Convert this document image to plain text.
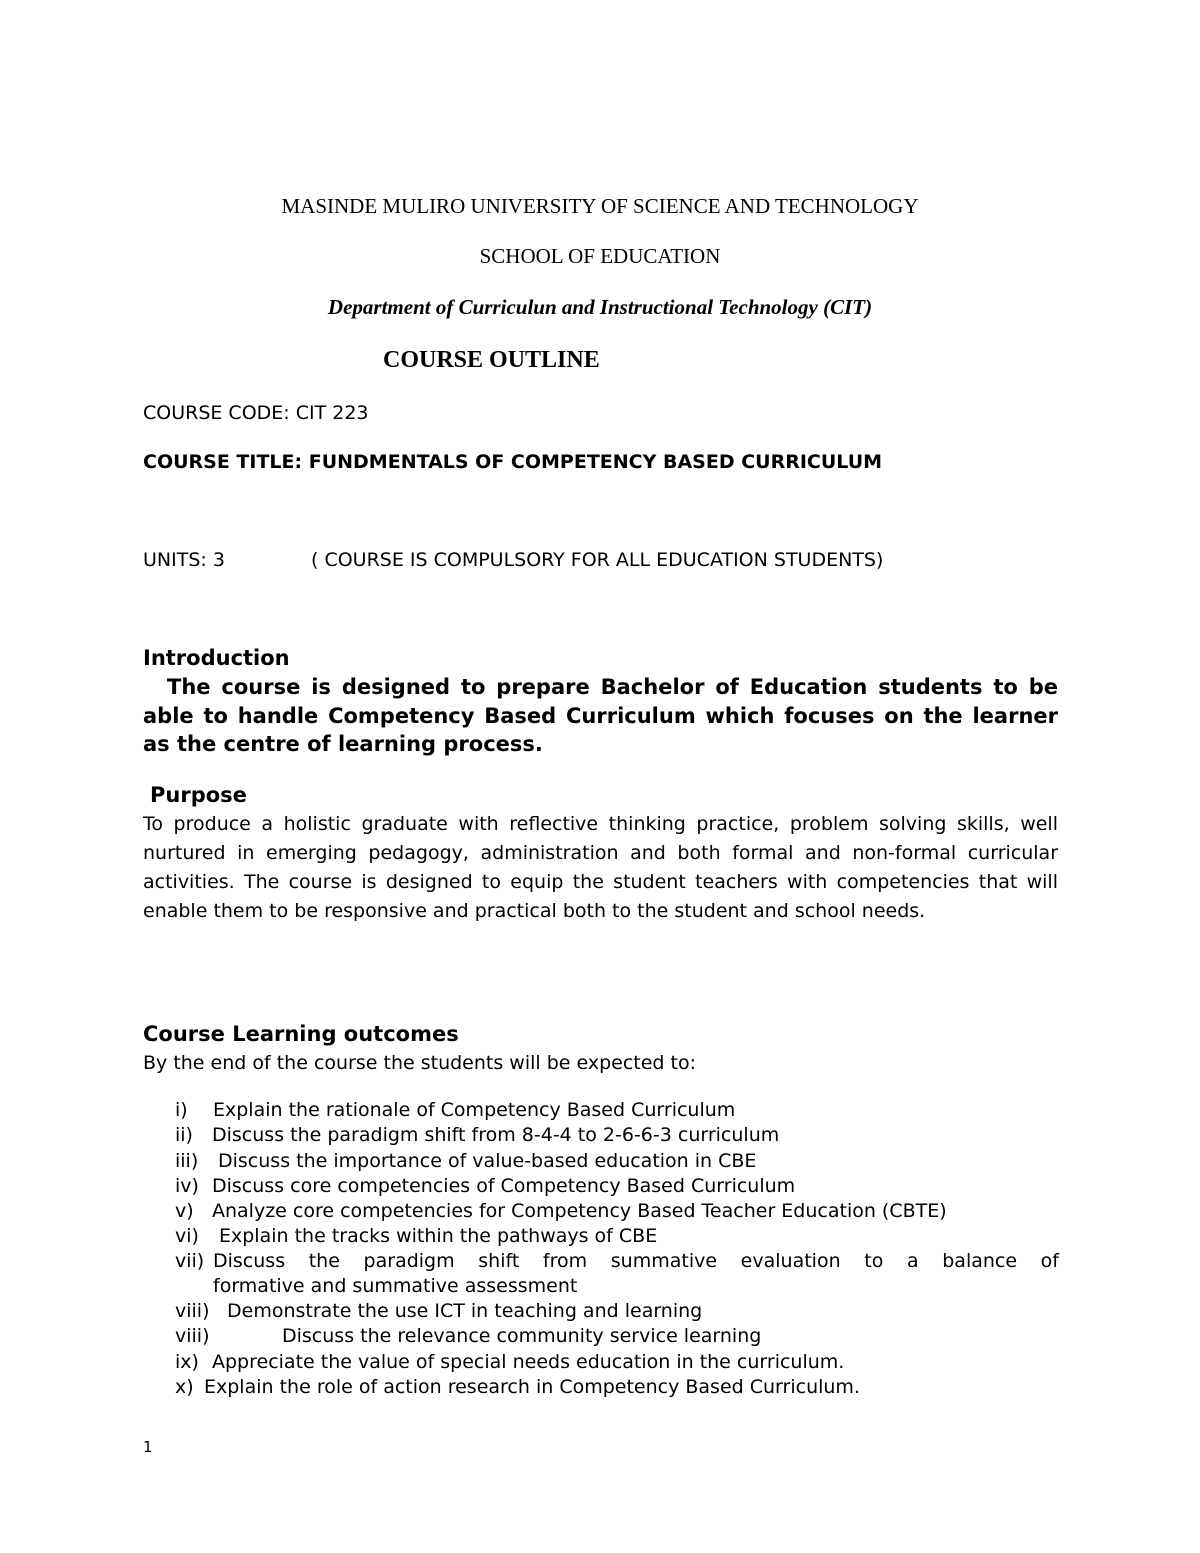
MASINDE MULIRO UNIVERSITY OF SCIENCE AND TECHNOLOGY
SCHOOL OF EDUCATION
Department of Curriculun and Instructional Technology (CIT)
COURSE OUTLINE
COURSE CODE: CIT 223
COURSE TITLE: FUNDMENTALS OF COMPETENCY BASED CURRICULUM
UNITS: 3	( COURSE IS COMPULSORY FOR ALL EDUCATION STUDENTS)
Introduction

The course is designed to prepare Bachelor of Education students to be able to handle Competency Based Curriculum which focuses on the learner as the centre of learning process.

Purpose

To produce a holistic graduate with reflective thinking practice, problem solving skills, well nurtured in emerging pedagogy, administration and both formal and non-formal curricular activities. The course is designed to equip the student teachers with competencies that will enable them to be responsive and practical both to the student and school needs.

Course Learning outcomes
By the end of the course the students will be expected to:
i) Explain the rationale of Competency Based Curriculum
ii) Discuss the paradigm shift from 8-4-4 to 2-6-6-3 curriculum
iii) Discuss the importance of value-based education in CBE
iv) Discuss core competencies of Competency Based Curriculum
v) Analyze core competencies for Competency Based Teacher Education (CBTE)
vi) Explain the tracks within the pathways of CBE
vii) Discuss the paradigm shift from summative evaluation to a balance of
formative and summative assessment
viii) Demonstrate the use ICT in teaching and learning
viii)	Discuss the relevance community service learning
ix) Appreciate the value of special needs education in the curriculum.
x) Explain the role of action research in Competency Based Curriculum.
1
